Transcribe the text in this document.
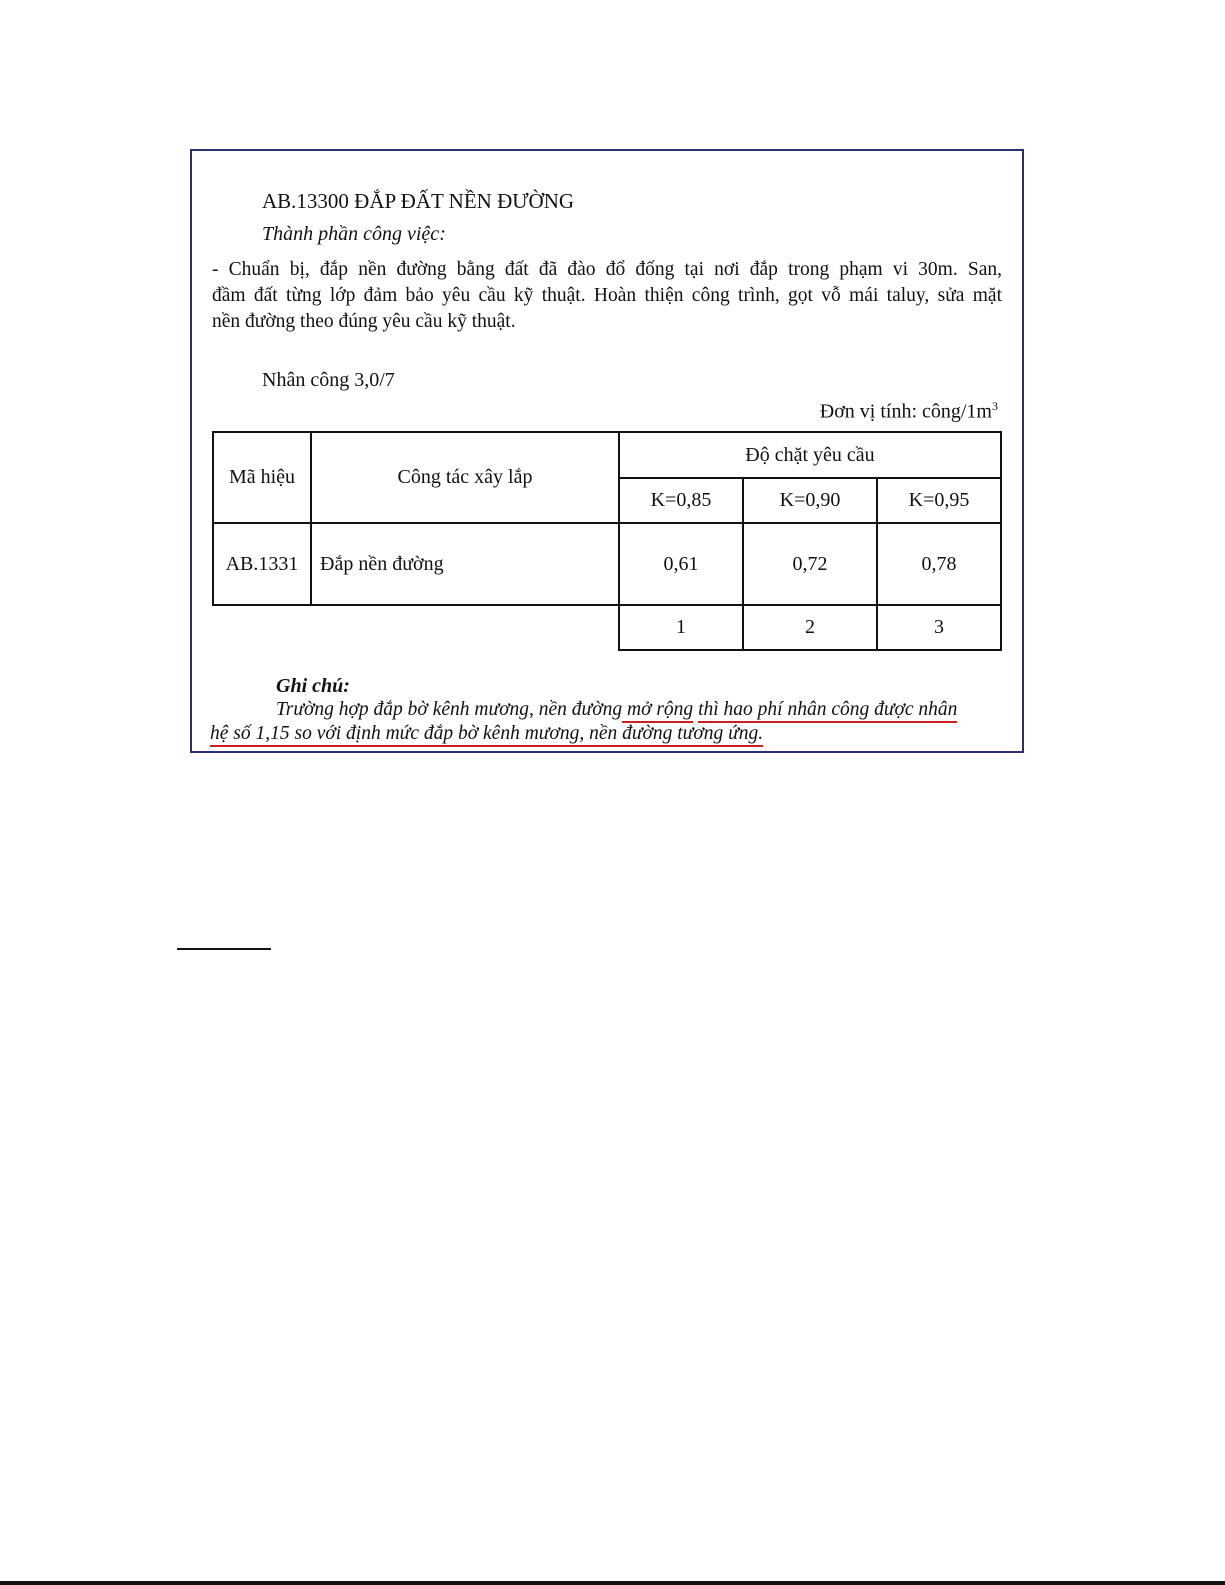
AB.13300 ĐẮP ĐẤT NỀN ĐƯỜNG
Thành phần công việc:
- Chuẩn bị, đắp nền đường bằng đất đã đào đổ đống tại nơi đắp trong phạm vi 30m. San,
đầm đất từng lớp đảm bảo yêu cầu kỹ thuật. Hoàn thiện công trình, gọt vỗ mái taluy, sửa mặt
nền đường theo đúng yêu cầu kỹ thuật.
Nhân công 3,0/7
Đơn vị tính: công/$1m^3$
Mã hiệu	Công tác xây lắp	Độ chặt yêu cầu		
		K=0,85	K=0,90	K=0,95
AB.1331	Đắp nền đường	0,61	0,72	0,78
		1	2	3
Ghi chú:
Trường hợp đắp bờ kênh mương, nền đường mở rộng thì hao phí nhân công được nhân
hệ số 1,15 so với định mức đắp bờ kênh mương, nền đường tương ứng.
